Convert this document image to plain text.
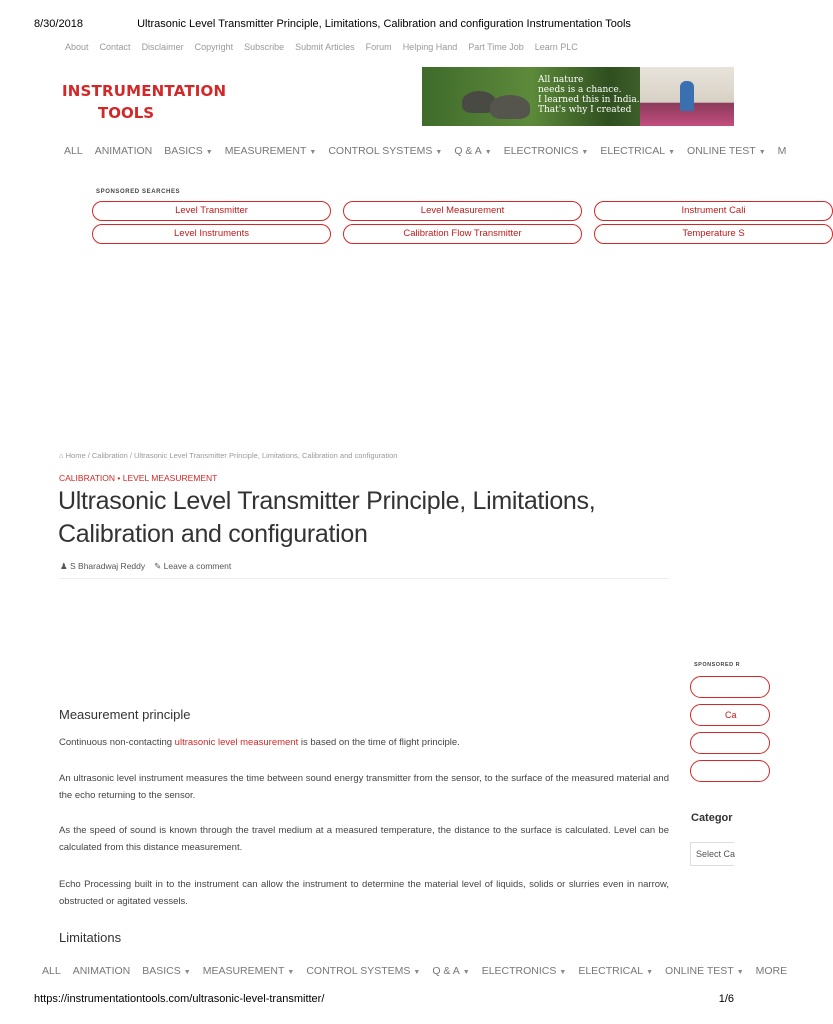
8/30/2018	Ultrasonic Level Transmitter Principle, Limitations, Calibration and configuration Instrumentation Tools
About Contact Disclaimer Copyright Subscribe Submit Articles Forum Helping Hand Part Time Job Learn PLC
INSTRUMENTATION
TOOLS
All nature
needs is a chance.
I learned this in India.
That's why I created
ALL ANIMATION BASICS ▼ MEASUREMENT ▼ CONTROL SYSTEMS ▼ Q & A ▼ ELECTRONICS ▼ ELECTRICAL ▼ ONLINE TEST ▼ M
SPONSORED SEARCHES
Level Transmitter	Level Measurement	Instrument Cali
Level Instruments	Calibration Flow Transmitter	Temperature S
⌂ Home / Calibration / Ultrasonic Level Transmitter Principle, Limitations, Calibration and configuration
CALIBRATION • LEVEL MEASUREMENT
Ultrasonic Level Transmitter Principle, Limitations, Calibration and configuration
♟ S Bharadwaj Reddy ✎ Leave a comment
Measurement principle

Continuous non-contacting ultrasonic level measurement is based on the time of flight principle.

An ultrasonic level instrument measures the time between sound energy transmitter from the sensor, to the surface of the measured material and the echo returning to the sensor.

As the speed of sound is known through the travel medium at a measured temperature, the distance to the surface is calculated. Level can be calculated from this distance measurement.

Echo Processing built in to the instrument can allow the instrument to determine the material level of liquids, solids or slurries even in narrow, obstructed or agitated vessels.

Limitations
SPONSORED R
Ca
Categor
Select Ca
ALL ANIMATION BASICS ▼ MEASUREMENT ▼ CONTROL SYSTEMS ▼ Q & A ▼ ELECTRONICS ▼ ELECTRICAL ▼ ONLINE TEST ▼ MORE
https://instrumentationtools.com/ultrasonic-level-transmitter/	1/6
